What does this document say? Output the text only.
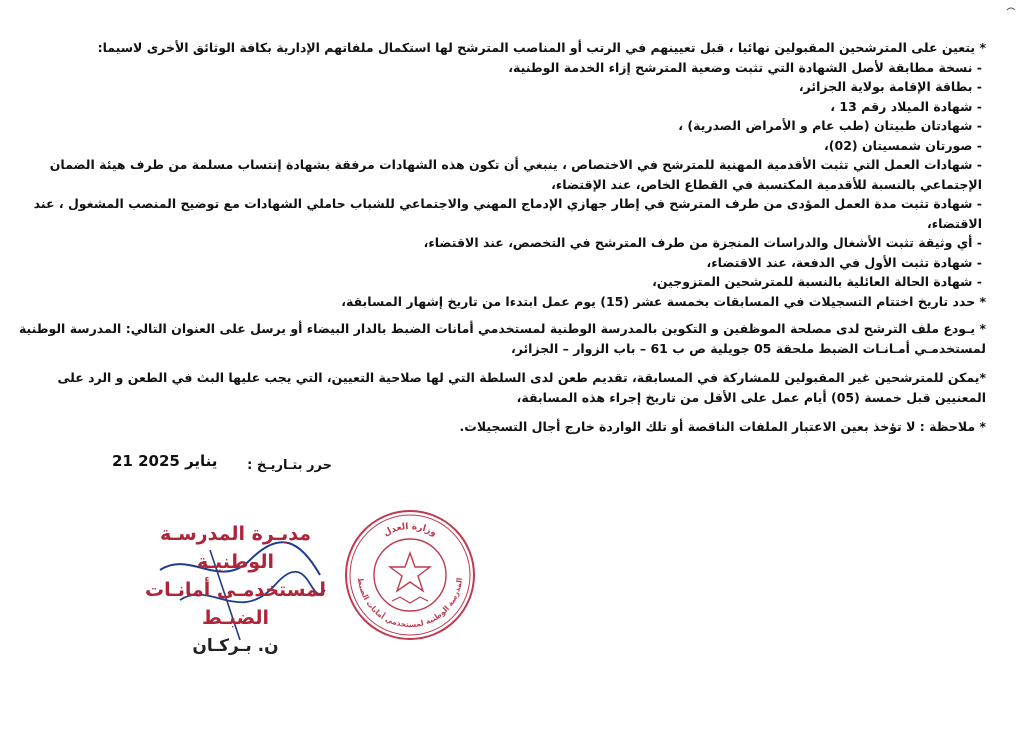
* يتعين على المترشحين المقبولين نهائيا ، قبل تعيينهم في الرتب أو المناصب المترشح لها استكمال ملفاتهم الإدارية بكافة الوثائق الأخرى لاسيما:

- نسخة مطابقة لأصل الشهادة التي تثبت وضعية المترشح إزاء الخدمة الوطنية،

- بطاقة الإقامة بولاية الجزائر،

- شهادة الميلاد رقم 13 ،

- شهادتان طبيتان (طب عام و الأمراض الصدرية) ،

- صورتان شمسيتان (02)،

- شهادات العمل التي تثبت الأقدمية المهنية للمترشح في الاختصاص ، ينبغي أن تكون هذه الشهادات مرفقة بشهادة إنتساب مسلمة من طرف هيئة الضمان الإجتماعي بالنسبة للأقدمية المكتسبة في القطاع الخاص، عند الإقتضاء،

- شهادة تثبت مدة العمل المؤدى من طرف المترشح في إطار جهازي الإدماج المهني والاجتماعي للشباب حاملي الشهادات مع توضيح المنصب المشغول ، عند الاقتضاء،

- أي وثيقة تثبت الأشغال والدراسات المنجزة من طرف المترشح في التخصص، عند الاقتضاء،

- شهادة تثبت الأول في الدفعة، عند الاقتضاء،

- شهادة الحالة العائلية بالنسبة للمترشحين المتزوجين،

* حدد تاريخ اختتام التسجيلات في المسابقات بخمسة عشر (15) يوم عمل ابتدءا من تاريخ إشهار المسابقة،

* يـودع ملف الترشح لدى مصلحة الموظفين و التكوين بالمدرسة الوطنية لمستخدمي أمانات الضبط بالدار البيضاء أو يرسل على العنوان التالي: المدرسة الوطنية لمستخدمـي أمـانـات الضبط ملحقة 05 جويلية ص ب 61 – باب الزوار – الجزائر،

*يمكن للمترشحين غير المقبولين للمشاركة في المسابقة، تقديم طعن لدى السلطة التي لها صلاحية التعيين، التي يجب عليها البث في الطعن و الرد على المعنيين قبل خمسة (05) أيام عمل على الأقل من تاريخ إجراء هذه المسابقة،

* ملاحظة : لا تؤخذ بعين الاعتبار الملفات الناقصة أو تلك الواردة خارج أجال التسجيلات.

حرر بتـاريـخ :
21 يناير 2025

مديـرة المدرسـة الوطنيـة

لمستخدمـي أمانـات الضبـط

ن. بـركـان

وزارة العدل
المدرسة الوطنية لمستخدمي أمانات الضبط
